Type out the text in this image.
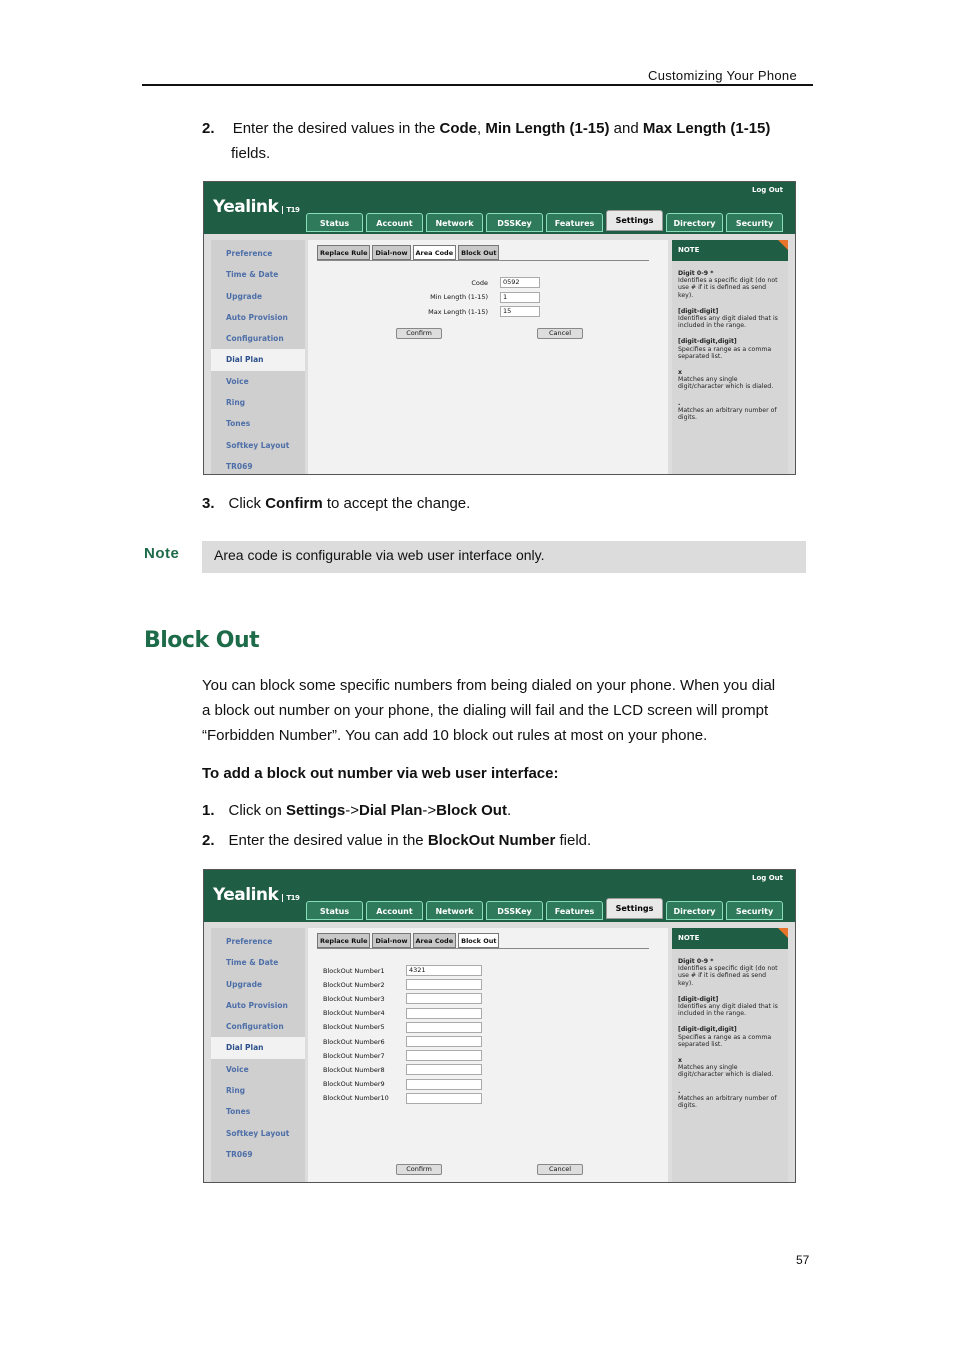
Customizing Your Phone
2. Enter the desired values in the Code, Min Length (1-15) and Max Length (1-15)
fields.
Yealink T19
Log Out
Status	Account	Network	DSSKey	Features	Settings	Directory	Security
Preference
Time & Date
Upgrade
Auto Provision
Configuration
Dial Plan
Voice
Ring
Tones
Softkey Layout
TR069
Replace Rule	Dial-now	Area Code	Block Out
Code	0592
Min Length (1-15)	1
Max Length (1-15)	15
Confirm	Cancel
NOTE
Digit 0-9 *
Identifies a specific digit (do not use # if it is defined as send key).
[digit-digit]
Identifies any digit dialed that is included in the range.
[digit-digit,digit]
Specifies a range as a comma separated list.
x
Matches any single digit/character which is dialed.
.
Matches an arbitrary number of digits.
3. Click Confirm to accept the change.
Note	Area code is configurable via web user interface only.
Block Out
You can block some specific numbers from being dialed on your phone. When you dial
a block out number on your phone, the dialing will fail and the LCD screen will prompt
“Forbidden Number”. You can add 10 block out rules at most on your phone.
To add a block out number via web user interface:
1. Click on Settings->Dial Plan->Block Out.
2. Enter the desired value in the BlockOut Number field.
Yealink T19
Log Out
Status	Account	Network	DSSKey	Features	Settings	Directory	Security
Preference
Time & Date
Upgrade
Auto Provision
Configuration
Dial Plan
Voice
Ring
Tones
Softkey Layout
TR069
Replace Rule	Dial-now	Area Code	Block Out
BlockOut Number1	4321
BlockOut Number2
BlockOut Number3
BlockOut Number4
BlockOut Number5
BlockOut Number6
BlockOut Number7
BlockOut Number8
BlockOut Number9
BlockOut Number10
Confirm	Cancel
NOTE
Digit 0-9 *
Identifies a specific digit (do not use # if it is defined as send key).
[digit-digit]
Identifies any digit dialed that is included in the range.
[digit-digit,digit]
Specifies a range as a comma separated list.
x
Matches any single digit/character which is dialed.
.
Matches an arbitrary number of digits.
57
